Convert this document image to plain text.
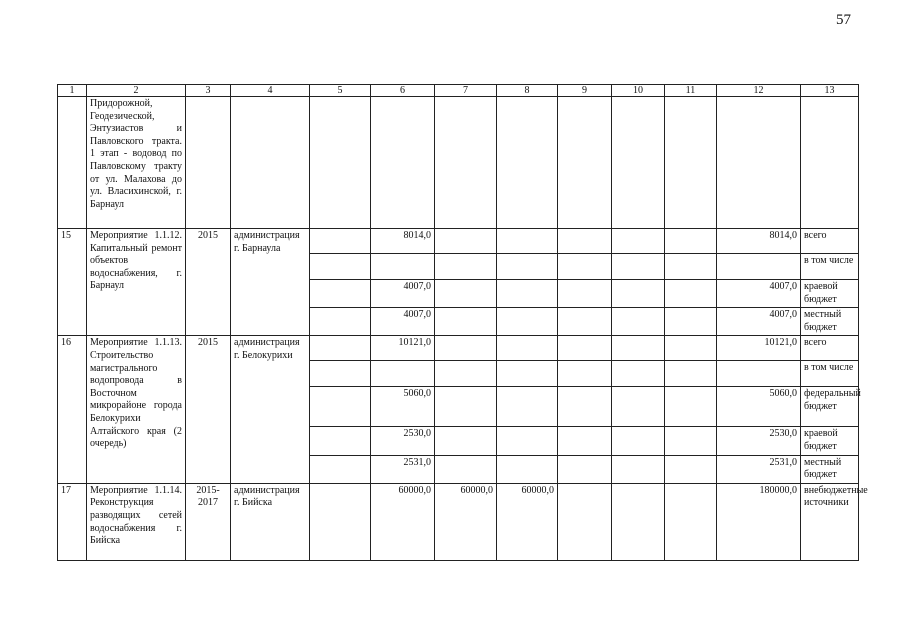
57
1	2	3	4	5	6	7	8	9	10	11	12	13
	Придорожной, Геодезической, Энтузиастов и Павловского тракта. 1 этап - водовод по Павловскому тракту от ул. Малахова до ул. Власихинской, г. Барнаул											
15	Мероприятие 1.1.12. Капитальный ремонт объектов водоснабжения, г. Барнаул	2015	администрация г. Барнаула		8014,0						8014,0	всего
												в том числе
					4007,0						4007,0	краевой бюджет
					4007,0						4007,0	местный бюджет
16	Мероприятие 1.1.13. Строительство магистрального водопровода в Восточном микрорайоне города Белокурихи Алтайского края (2 очередь)	2015	администрация г. Белокурихи		10121,0						10121,0	всего
												в том числе
					5060,0						5060,0	федеральный бюджет
					2530,0						2530,0	краевой бюджет
					2531,0						2531,0	местный бюджет
17	Мероприятие 1.1.14. Реконструкция разводящих сетей водоснабжения г. Бийска	2015-2017	администрация г. Бийска		60000,0	60000,0	60000,0				180000,0	внебюджетные источники
